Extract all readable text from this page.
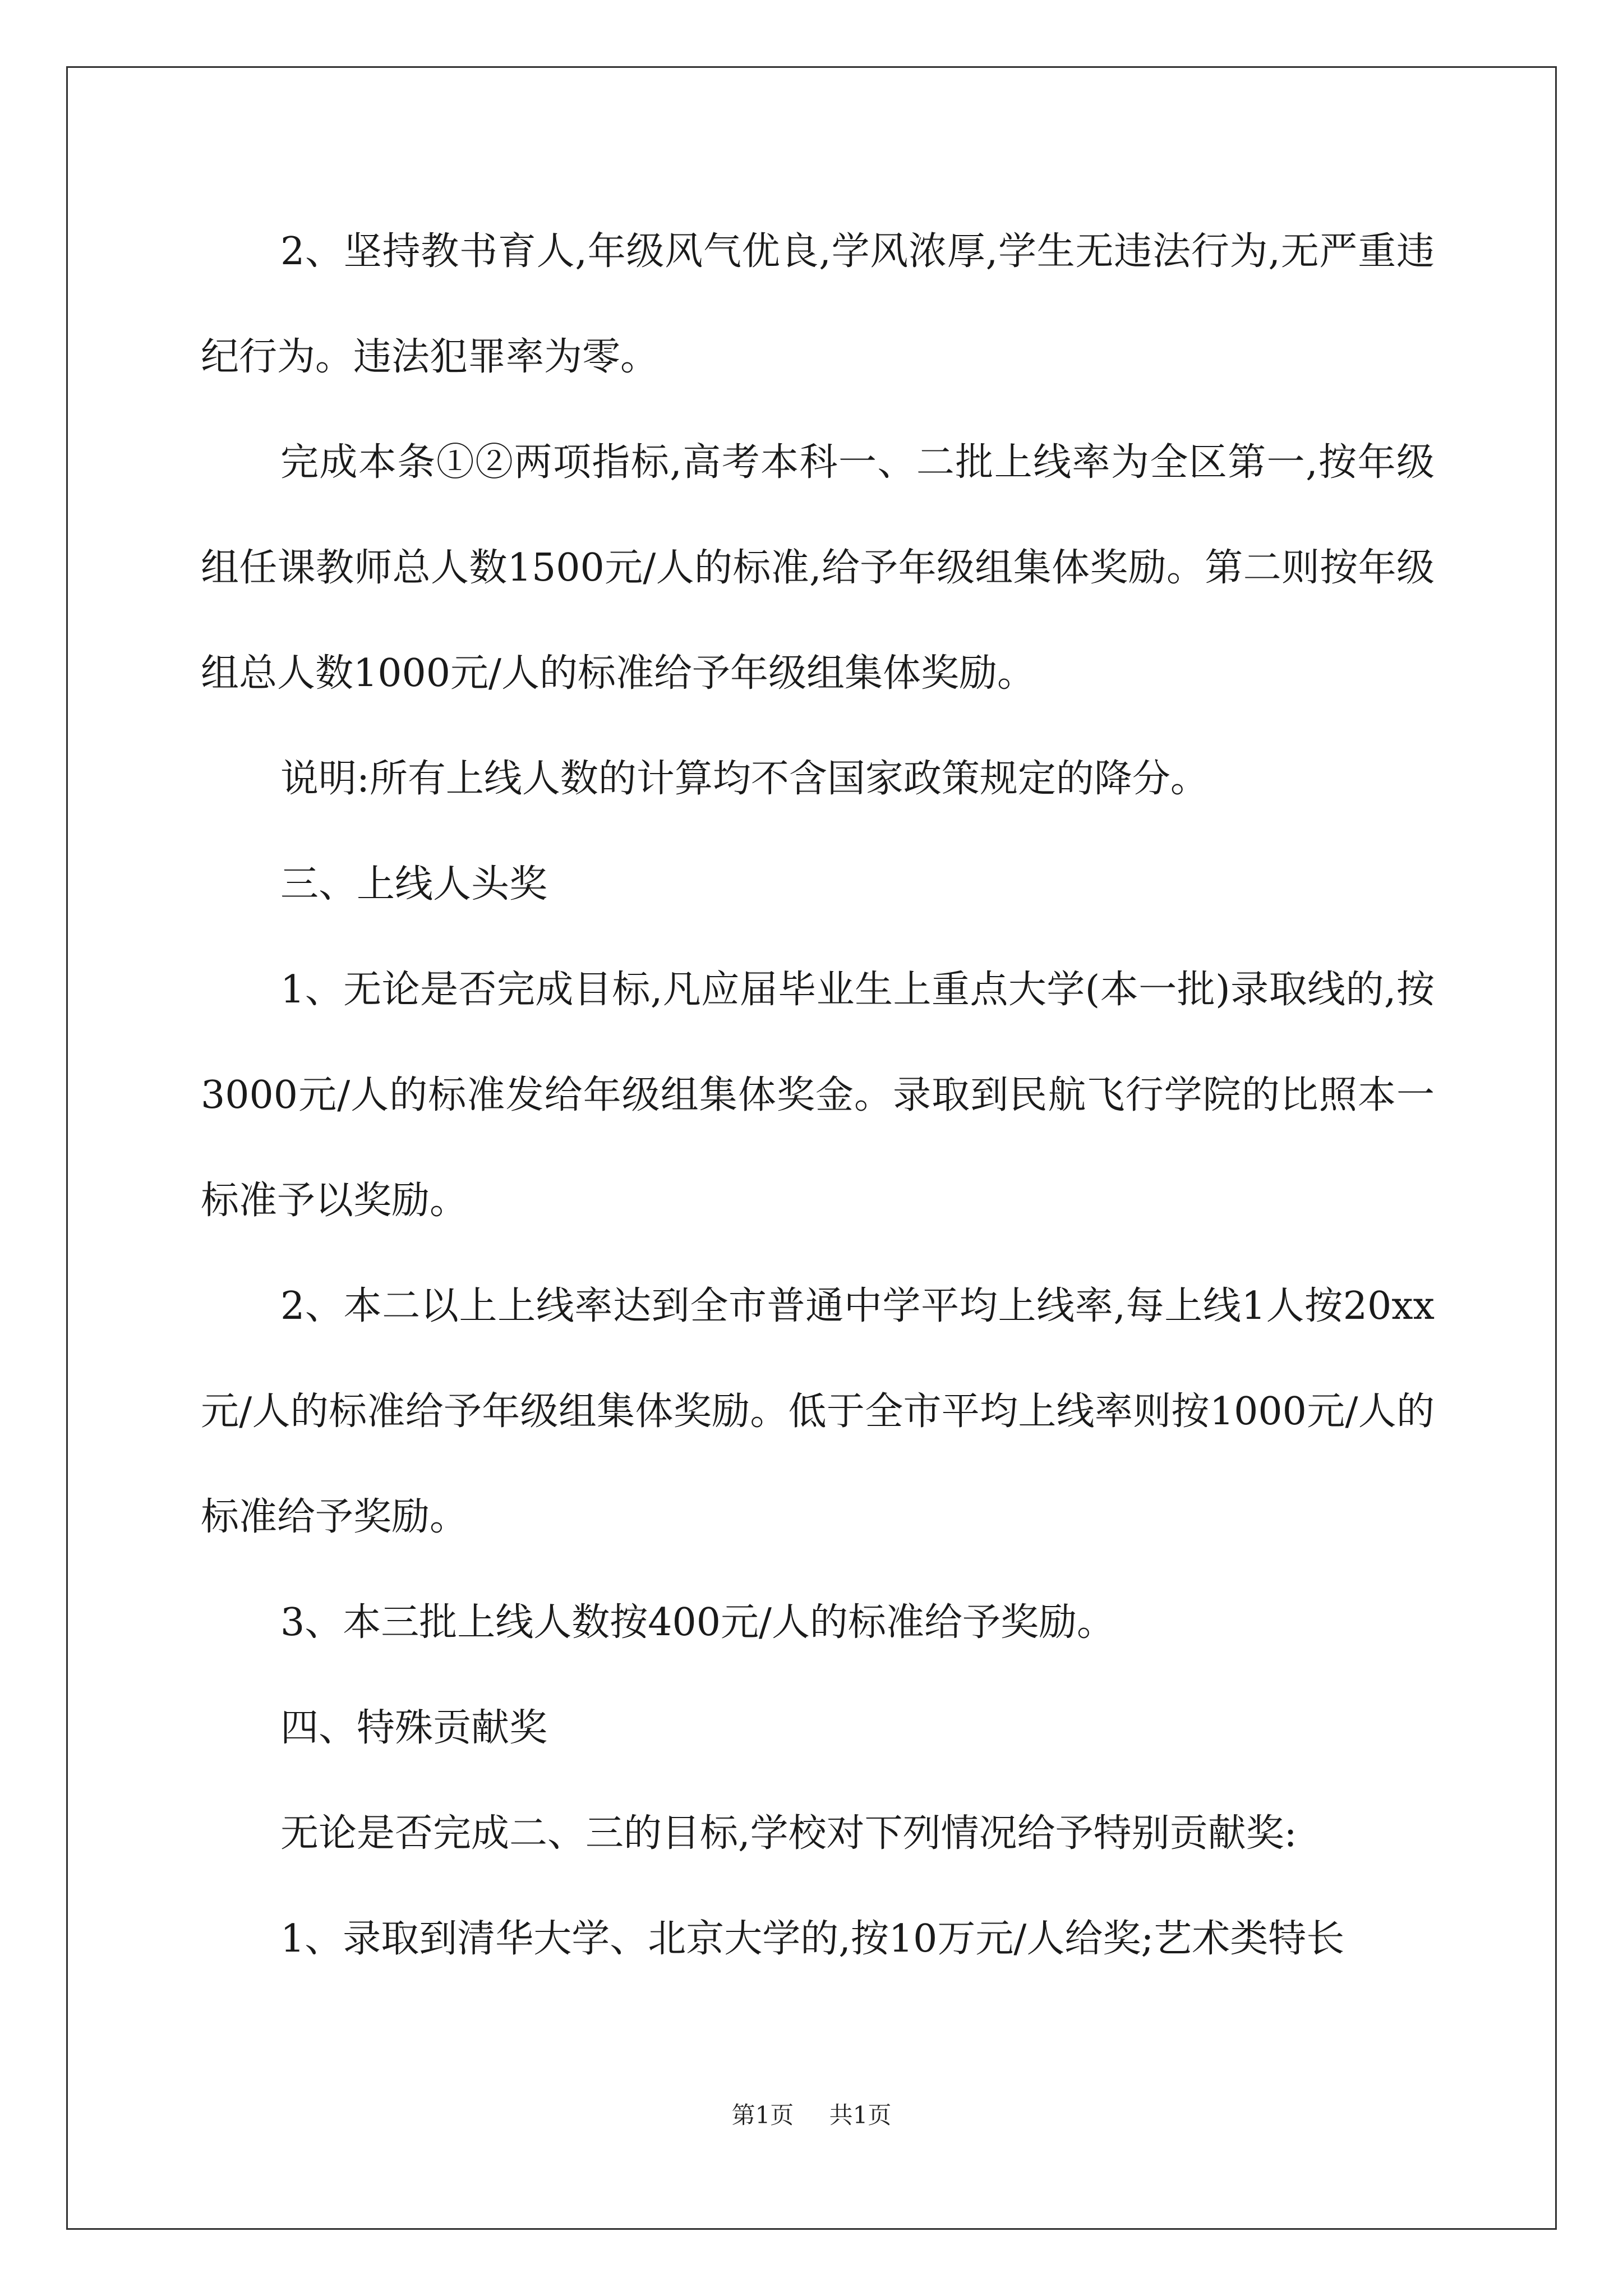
2、坚持教书育人,年级风气优良,学风浓厚,学生无违法行为,无严重违纪行为。违法犯罪率为零。

完成本条①②两项指标,高考本科一、二批上线率为全区第一,按年级组任课教师总人数1500元/人的标准,给予年级组集体奖励。第二则按年级组总人数1000元/人的标准给予年级组集体奖励。

说明:所有上线人数的计算均不含国家政策规定的降分。

三、上线人头奖

1、无论是否完成目标,凡应届毕业生上重点大学(本一批)录取线的,按3000元/人的标准发给年级组集体奖金。录取到民航飞行学院的比照本一标准予以奖励。

2、本二以上上线率达到全市普通中学平均上线率,每上线1人按20xx元/人的标准给予年级组集体奖励。低于全市平均上线率则按1000元/人的标准给予奖励。

3、本三批上线人数按400元/人的标准给予奖励。

四、特殊贡献奖

无论是否完成二、三的目标,学校对下列情况给予特别贡献奖:

1、录取到清华大学、北京大学的,按10万元/人给奖;艺术类特长

第1页 共1页
